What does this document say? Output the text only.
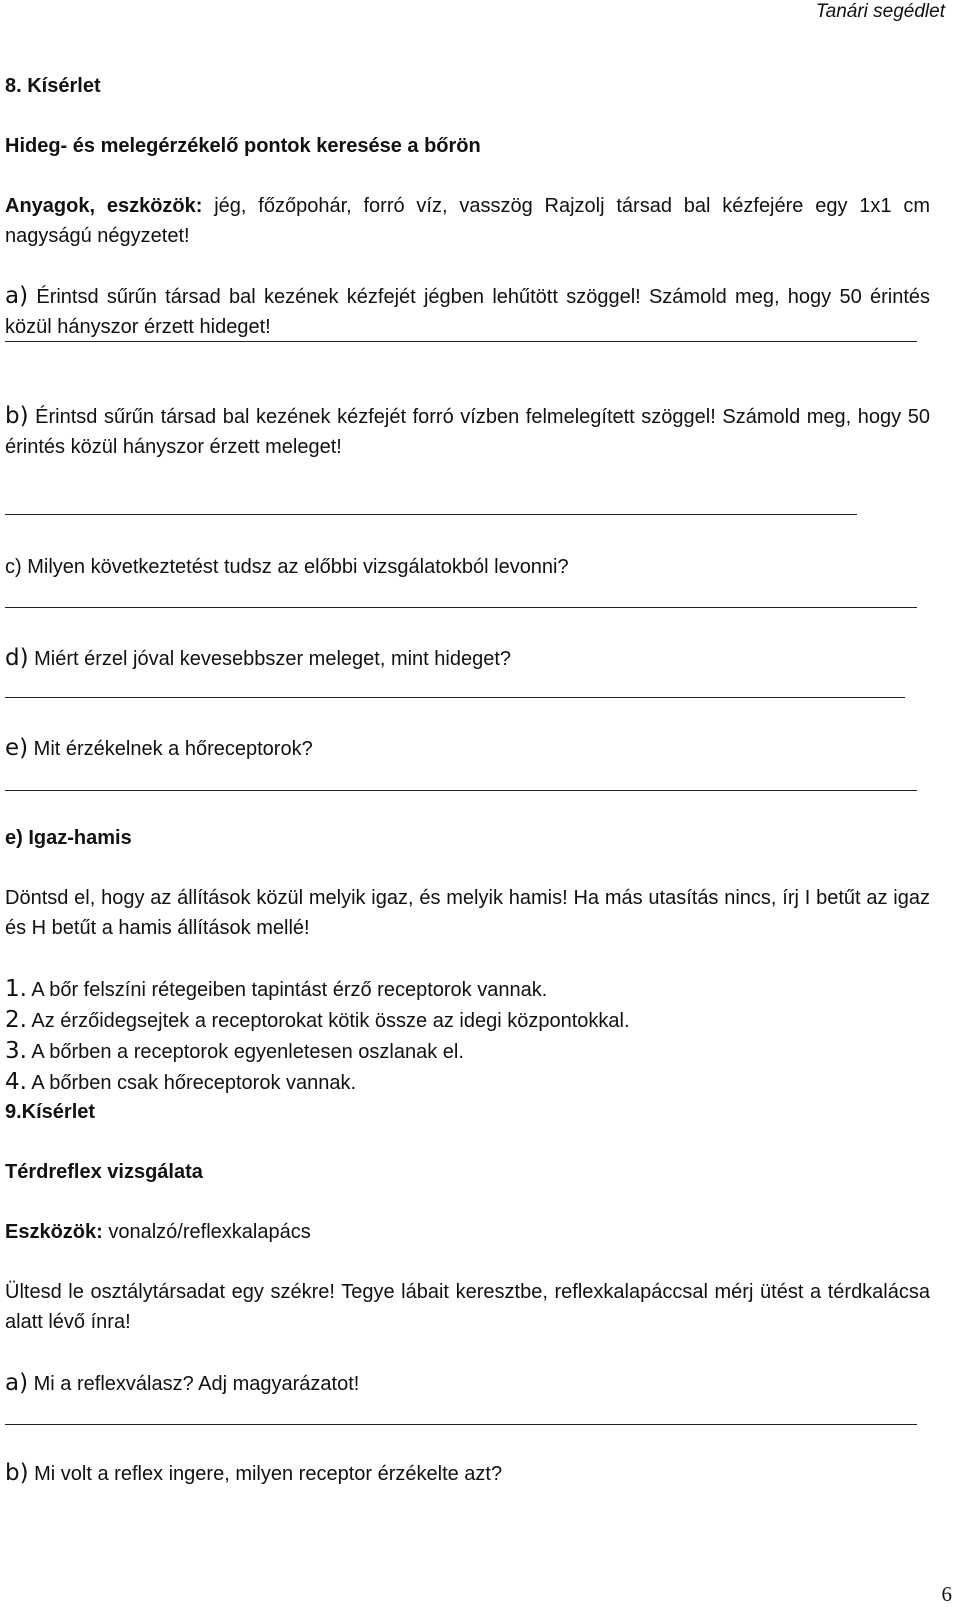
Tanári segédlet
8. Kísérlet
Hideg- és melegérzékelő pontok keresése a bőrön
Anyagok, eszközök: jég, főzőpohár, forró víz, vasszög Rajzolj társad bal kézfejére egy 1x1 cm nagyságú négyzetet!
a) Érintsd sűrűn társad bal kezének kézfejét jégben lehűtött szöggel! Számold meg, hogy 50 érintés közül hányszor érzett hideget!
b) Érintsd sűrűn társad bal kezének kézfejét forró vízben felmelegített szöggel! Számold meg, hogy 50 érintés közül hányszor érzett meleget!
c) Milyen következtetést tudsz az előbbi vizsgálatokból levonni?
d) Miért érzel jóval kevesebbszer meleget, mint hideget?
e) Mit érzékelnek a hőreceptorok?
e) Igaz-hamis
Döntsd el, hogy az állítások közül melyik igaz, és melyik hamis! Ha más utasítás nincs, írj I betűt az igaz és H betűt a hamis állítások mellé!
1. A bőr felszíni rétegeiben tapintást érző receptorok vannak.
2. Az érzőidegsejtek a receptorokat kötik össze az idegi központokkal.
3. A bőrben a receptorok egyenletesen oszlanak el.
4. A bőrben csak hőreceptorok vannak.
9.Kísérlet
Térdreflex vizsgálata
Eszközök: vonalzó/reflexkalapács
Ültesd le osztálytársadat egy székre! Tegye lábait keresztbe, reflexkalapáccsal mérj ütést a térdkalácsa alatt lévő ínra!
a) Mi a reflexválasz? Adj magyarázatot!
b) Mi volt a reflex ingere, milyen receptor érzékelte azt?
6
